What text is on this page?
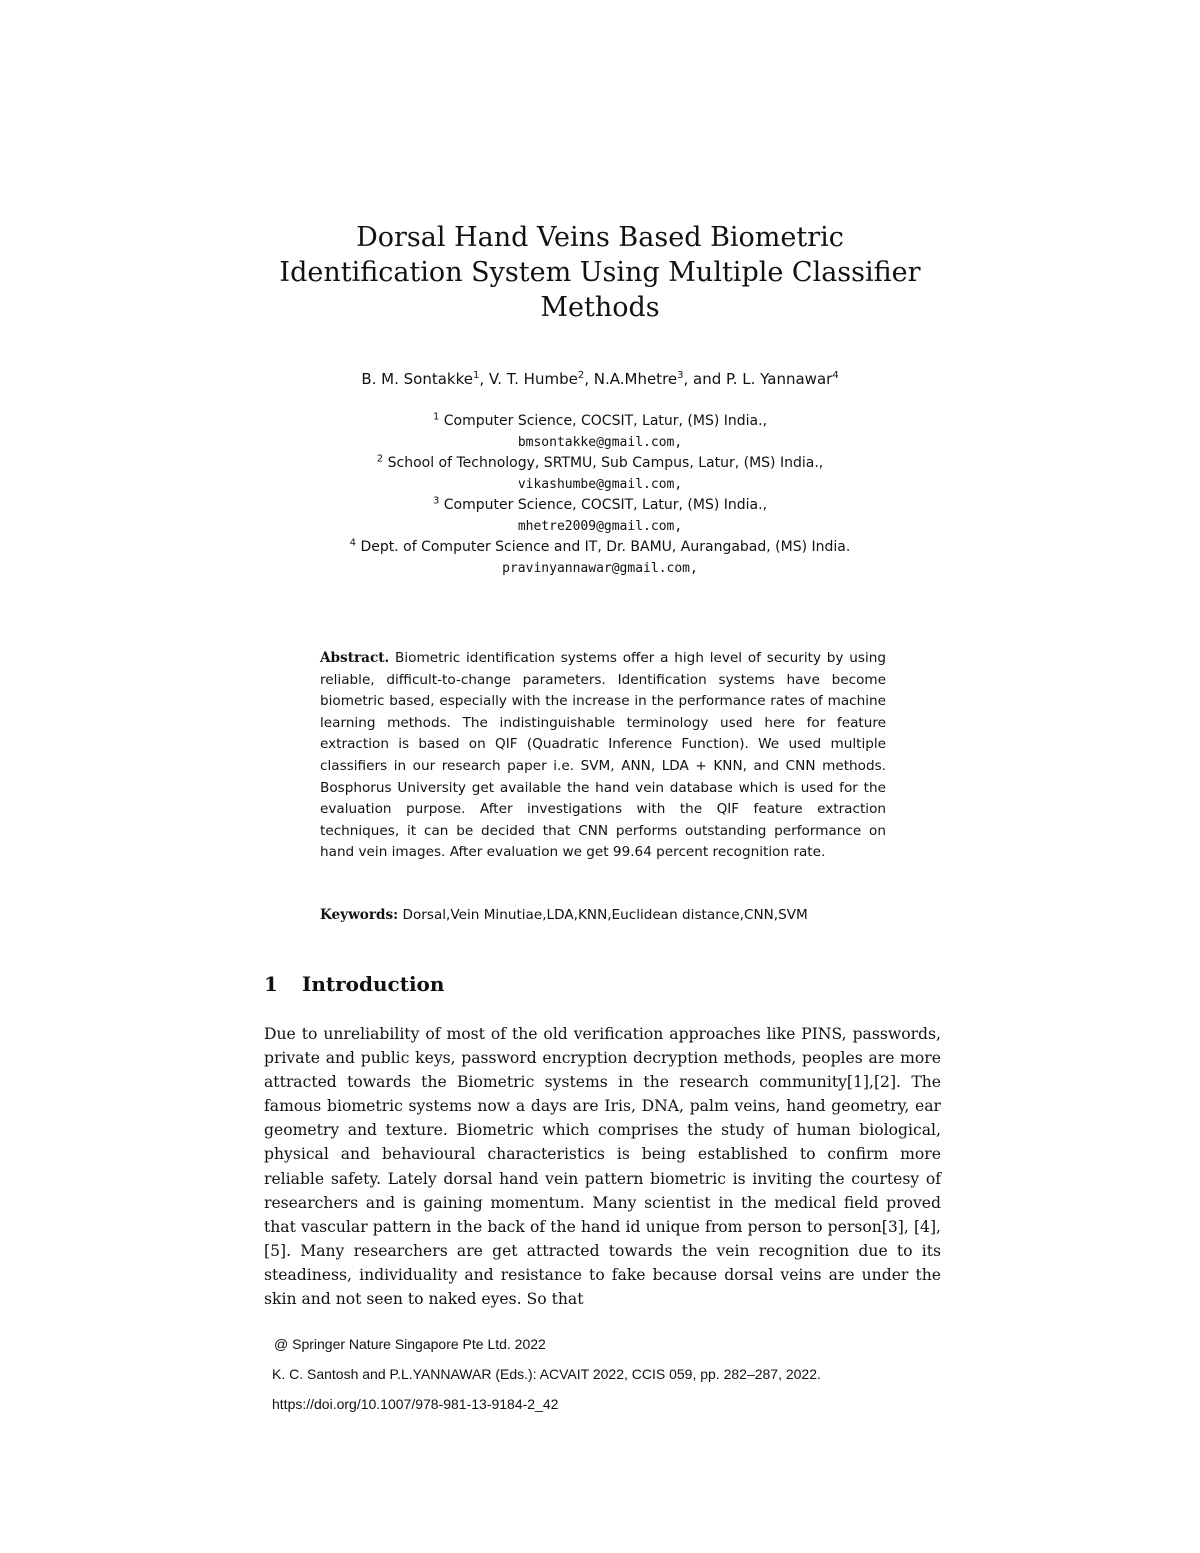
Dorsal Hand Veins Based Biometric
Identification System Using Multiple Classifier
Methods
B. M. Sontakke$^1$, V. T. Humbe$^2$, N.A.Mhetre$^3$, and P. L. Yannawar$^4$
$^1$ Computer Science, COCSIT, Latur, (MS) India.,
bmsontakke@gmail.com,
$^2$ School of Technology, SRTMU, Sub Campus, Latur, (MS) India.,
vikashumbe@gmail.com,
$^3$ Computer Science, COCSIT, Latur, (MS) India.,
mhetre2009@gmail.com,
$^4$ Dept. of Computer Science and IT, Dr. BAMU, Aurangabad, (MS) India.
pravinyannawar@gmail.com,
Abstract. Biometric identification systems offer a high level of security by using reliable, difficult-to-change parameters. Identification systems have become biometric based, especially with the increase in the performance rates of machine learning methods. The indistinguishable terminology used here for feature extraction is based on QIF (Quadratic Inference Function). We used multiple classifiers in our research paper i.e. SVM, ANN, LDA + KNN, and CNN methods. Bosphorus University get available the hand vein database which is used for the evaluation purpose. After investigations with the QIF feature extraction techniques, it can be decided that CNN performs outstanding performance on hand vein images. After evaluation we get 99.64 percent recognition rate.
Keywords: Dorsal,Vein Minutiae,LDA,KNN,Euclidean distance,CNN,SVM
1 Introduction

Due to unreliability of most of the old verification approaches like PINS, passwords, private and public keys, password encryption decryption methods, peoples are more attracted towards the Biometric systems in the research community[1],[2]. The famous biometric systems now a days are Iris, DNA, palm veins, hand geometry, ear geometry and texture. Biometric which comprises the study of human biological, physical and behavioural characteristics is being established to confirm more reliable safety. Lately dorsal hand vein pattern biometric is inviting the courtesy of researchers and is gaining momentum. Many scientist in the medical field proved that vascular pattern in the back of the hand id unique from person to person[3], [4], [5]. Many researchers are get attracted towards the vein recognition due to its steadiness, individuality and resistance to fake because dorsal veins are under the skin and not seen to naked eyes. So that

@ Springer Nature Singapore Pte Ltd. 2022
K. C. Santosh and P.L.YANNAWAR (Eds.): ACVAIT 2022, CCIS 059, pp. 282–287, 2022.
https://doi.org/10.1007/978-981-13-9184-2_42
